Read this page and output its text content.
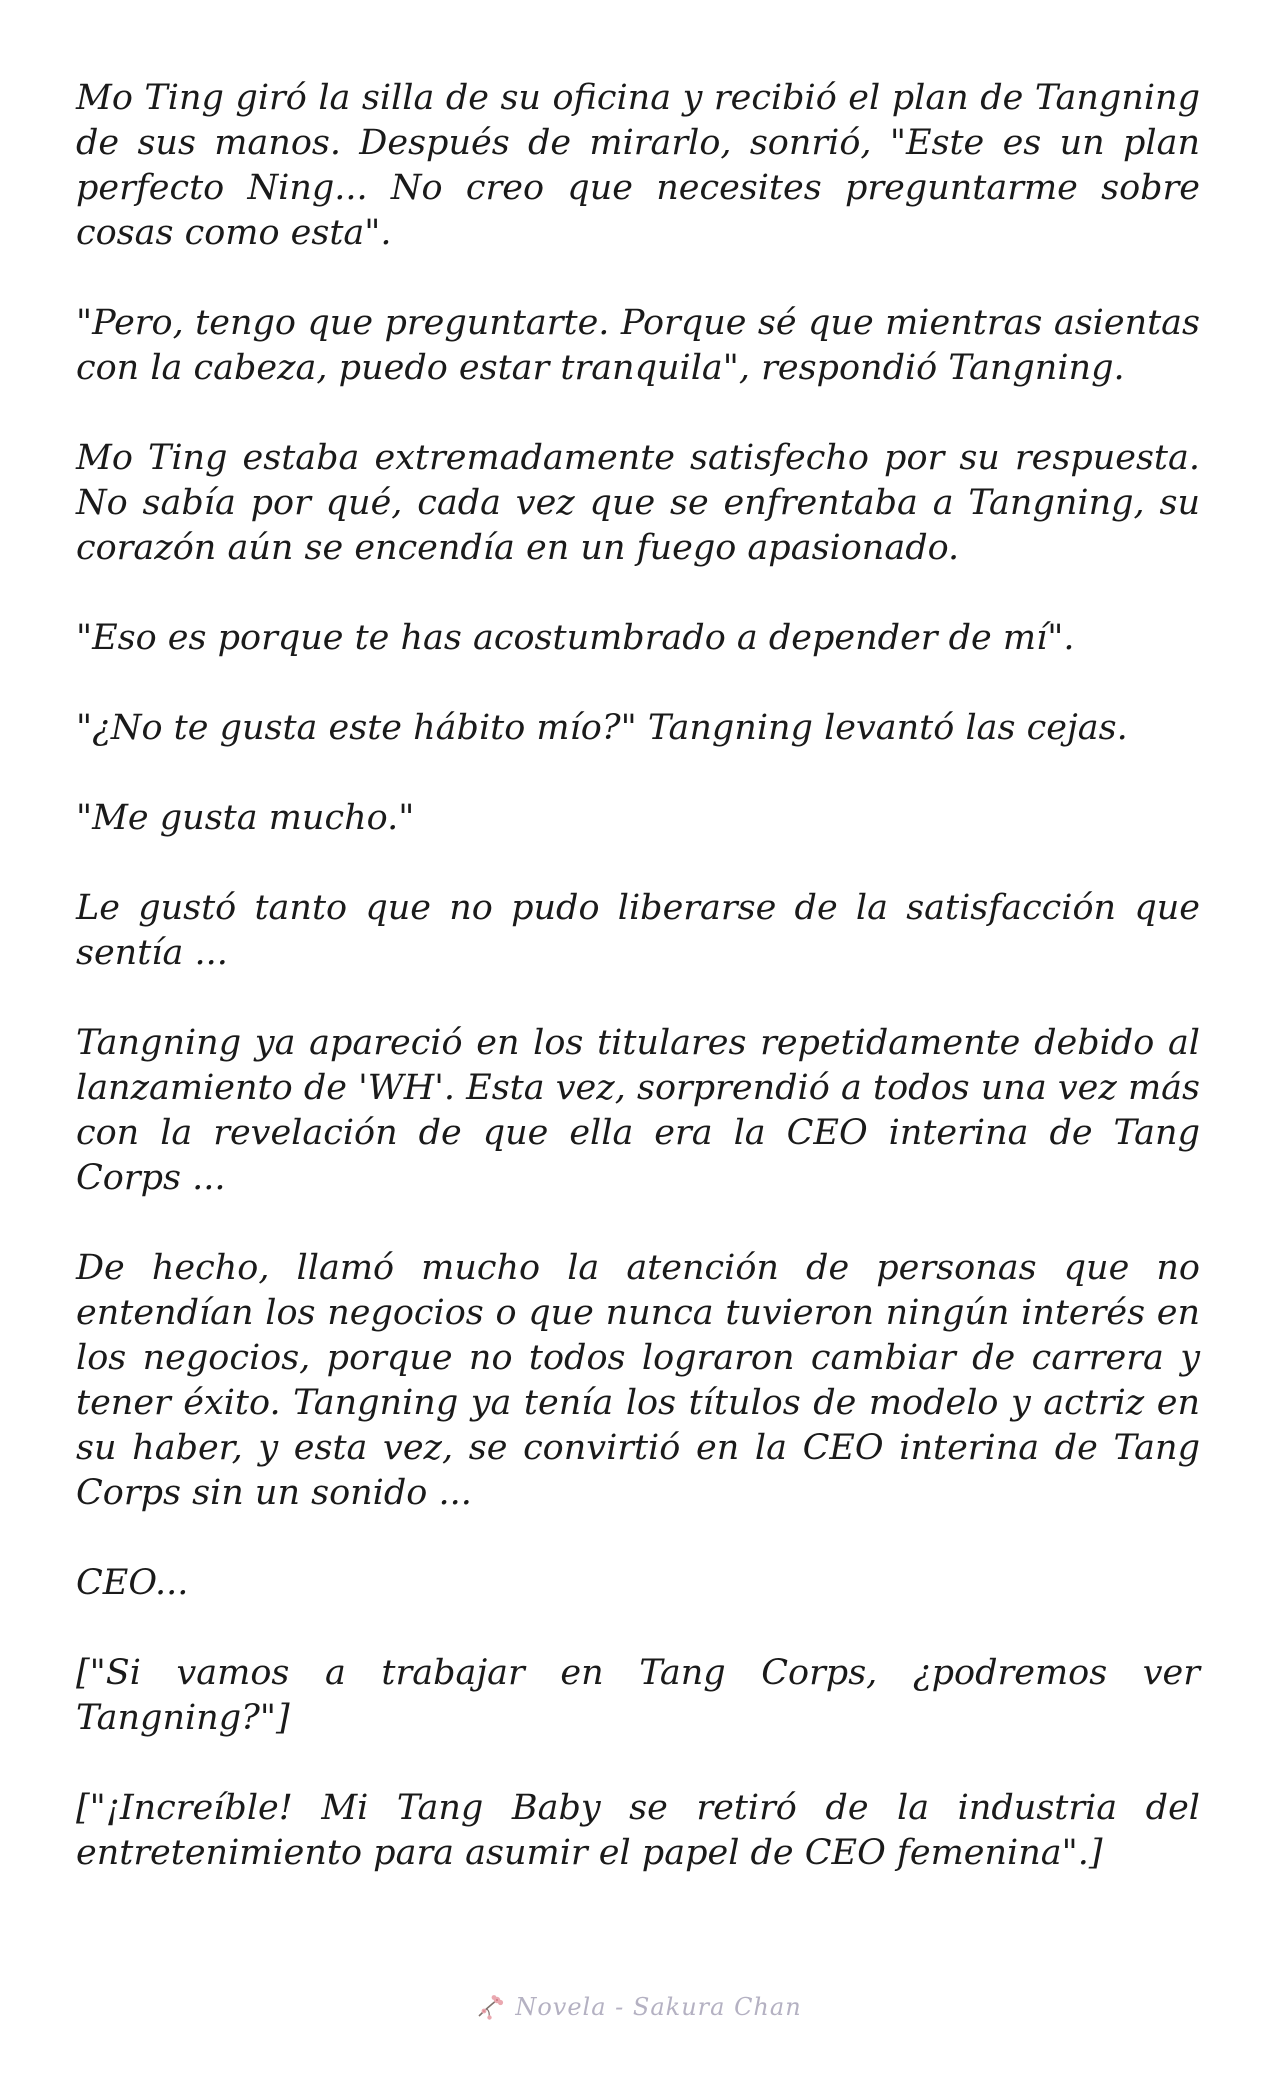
Mo Ting giró la silla de su oficina y recibió el plan de Tangning de sus manos. Después de mirarlo, sonrió, "Este es un plan perfecto Ning... No creo que necesites preguntarme sobre cosas como esta".

"Pero, tengo que preguntarte. Porque sé que mientras asientas con la cabeza, puedo estar tranquila", respondió Tangning.

Mo Ting estaba extremadamente satisfecho por su respuesta. No sabía por qué, cada vez que se enfrentaba a Tangning, su corazón aún se encendía en un fuego apasionado.

"Eso es porque te has acostumbrado a depender de mí".

"¿No te gusta este hábito mío?" Tangning levantó las cejas.

"Me gusta mucho."

Le gustó tanto que no pudo liberarse de la satisfacción que sentía ...

Tangning ya apareció en los titulares repetidamente debido al lanzamiento de 'WH'. Esta vez, sorprendió a todos una vez más con la revelación de que ella era la CEO interina de Tang Corps ...

De hecho, llamó mucho la atención de personas que no entendían los negocios o que nunca tuvieron ningún interés en los negocios, porque no todos lograron cambiar de carrera y tener éxito. Tangning ya tenía los títulos de modelo y actriz en su haber, y esta vez, se convirtió en la CEO interina de Tang Corps sin un sonido ...

CEO...

["Si vamos a trabajar en Tang Corps, ¿podremos ver Tangning?"]

["¡Increíble! Mi Tang Baby se retiró de la industria del entretenimiento para asumir el papel de CEO femenina".]

Novela - Sakura Chan
